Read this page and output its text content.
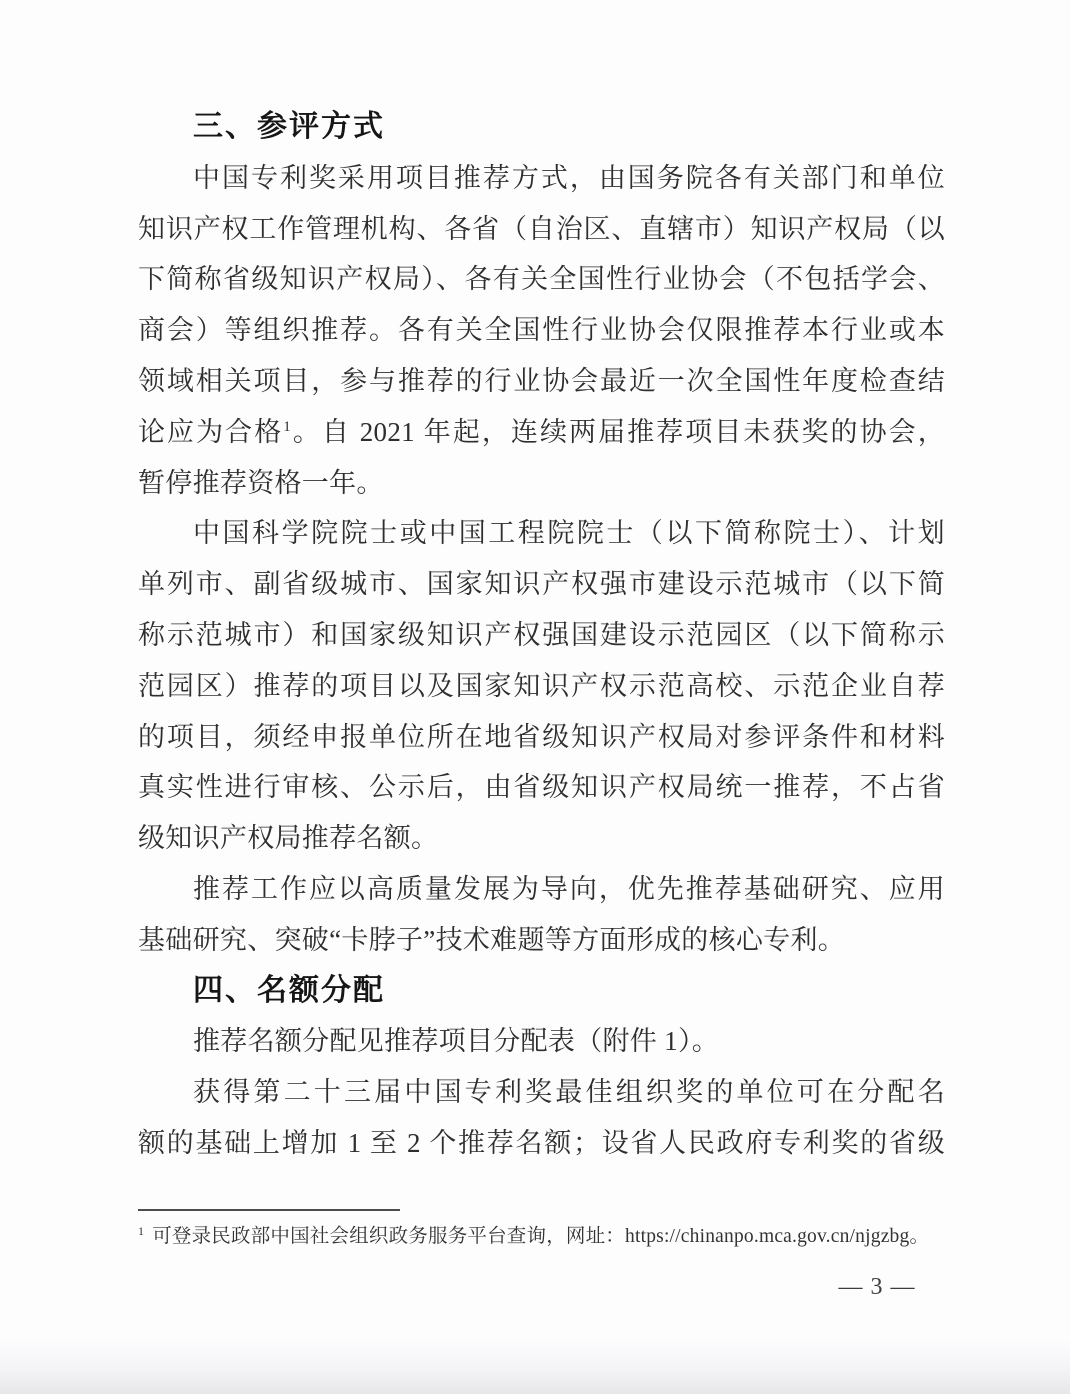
三、参评方式
中国专利奖采用项目推荐方式，由国务院各有关部门和单位
知识产权工作管理机构、各省（自治区、直辖市）知识产权局（以
下简称省级知识产权局）、各有关全国性行业协会（不包括学会、
商会）等组织推荐。各有关全国性行业协会仅限推荐本行业或本
领域相关项目，参与推荐的行业协会最近一次全国性年度检查结
论应为合格$^1$。自 2021 年起，连续两届推荐项目未获奖的协会，
暂停推荐资格一年。
中国科学院院士或中国工程院院士（以下简称院士）、计划
单列市、副省级城市、国家知识产权强市建设示范城市（以下简
称示范城市）和国家级知识产权强国建设示范园区（以下简称示
范园区）推荐的项目以及国家知识产权示范高校、示范企业自荐
的项目，须经申报单位所在地省级知识产权局对参评条件和材料
真实性进行审核、公示后，由省级知识产权局统一推荐，不占省
级知识产权局推荐名额。
推荐工作应以高质量发展为导向，优先推荐基础研究、应用
基础研究、突破“卡脖子”技术难题等方面形成的核心专利。
四、名额分配
推荐名额分配见推荐项目分配表（附件 1）。
获得第二十三届中国专利奖最佳组织奖的单位可在分配名
额的基础上增加 1 至 2 个推荐名额；设省人民政府专利奖的省级
$^1$ 可登录民政部中国社会组织政务服务平台查询，网址：https://chinanpo.mca.gov.cn/njgzbg。
— 3 —
